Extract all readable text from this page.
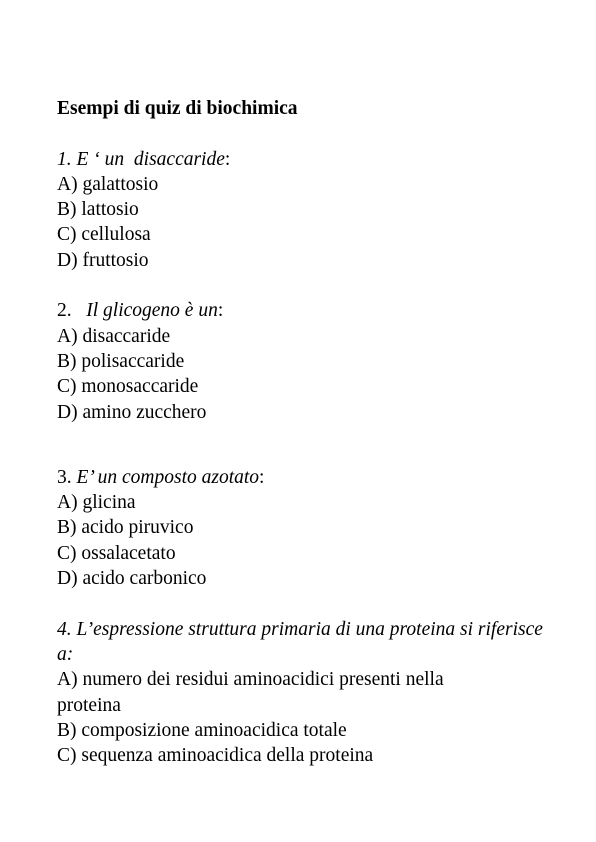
Esempi di quiz di biochimica

1. E ‘ un  disaccaride:
A) galattosio
B) lattosio
C) cellulosa
D) fruttosio
2. Il glicogeno è un:
A) disaccaride
B) polisaccaride
C) monosaccaride
D) amino zucchero
3. E’ un composto azotato:
A) glicina
B) acido piruvico
C) ossalacetato
D) acido carbonico
4. L’espressione struttura primaria di una proteina si riferisce a:
A) numero dei residui aminoacidici presenti nella proteina
B) composizione aminoacidica totale
C) sequenza aminoacidica della proteina
